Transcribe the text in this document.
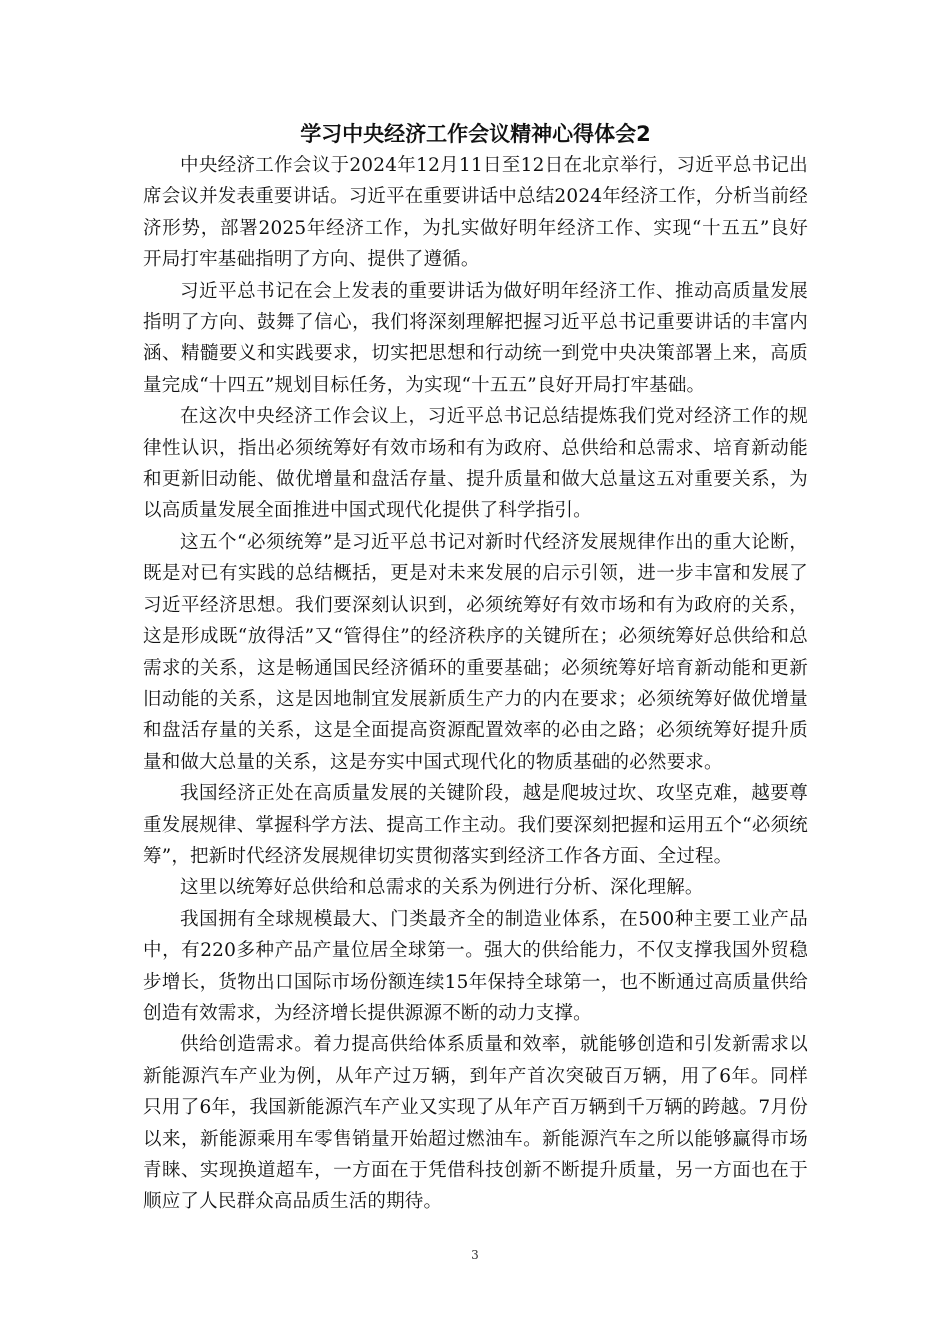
学习中央经济工作会议精神心得体会2

中央经济工作会议于2024年12月11日至12日在北京举行，习近平总书记出席会议并发表重要讲话。习近平在重要讲话中总结2024年经济工作，分析当前经济形势，部署2025年经济工作，为扎实做好明年经济工作、实现“十五五”良好开局打牢基础指明了方向、提供了遵循。

习近平总书记在会上发表的重要讲话为做好明年经济工作、推动高质量发展指明了方向、鼓舞了信心，我们将深刻理解把握习近平总书记重要讲话的丰富内涵、精髓要义和实践要求，切实把思想和行动统一到党中央决策部署上来，高质量完成“十四五”规划目标任务，为实现“十五五”良好开局打牢基础。

在这次中央经济工作会议上，习近平总书记总结提炼我们党对经济工作的规律性认识，指出必须统筹好有效市场和有为政府、总供给和总需求、培育新动能和更新旧动能、做优增量和盘活存量、提升质量和做大总量这五对重要关系，为以高质量发展全面推进中国式现代化提供了科学指引。

这五个“必须统筹”是习近平总书记对新时代经济发展规律作出的重大论断，既是对已有实践的总结概括，更是对未来发展的启示引领，进一步丰富和发展了习近平经济思想。我们要深刻认识到，必须统筹好有效市场和有为政府的关系，这是形成既“放得活”又“管得住”的经济秩序的关键所在；必须统筹好总供给和总需求的关系，这是畅通国民经济循环的重要基础；必须统筹好培育新动能和更新旧动能的关系，这是因地制宜发展新质生产力的内在要求；必须统筹好做优增量和盘活存量的关系，这是全面提高资源配置效率的必由之路；必须统筹好提升质量和做大总量的关系，这是夯实中国式现代化的物质基础的必然要求。

我国经济正处在高质量发展的关键阶段，越是爬坡过坎、攻坚克难，越要尊重发展规律、掌握科学方法、提高工作主动。我们要深刻把握和运用五个“必须统筹”，把新时代经济发展规律切实贯彻落实到经济工作各方面、全过程。

这里以统筹好总供给和总需求的关系为例进行分析、深化理解。

我国拥有全球规模最大、门类最齐全的制造业体系，在500种主要工业产品中，有220多种产品产量位居全球第一。强大的供给能力，不仅支撑我国外贸稳步增长，货物出口国际市场份额连续15年保持全球第一，也不断通过高质量供给创造有效需求，为经济增长提供源源不断的动力支撑。

供给创造需求。着力提高供给体系质量和效率，就能够创造和引发新需求以新能源汽车产业为例，从年产过万辆，到年产首次突破百万辆，用了6年。同样只用了6年，我国新能源汽车产业又实现了从年产百万辆到千万辆的跨越。7月份以来，新能源乘用车零售销量开始超过燃油车。新能源汽车之所以能够赢得市场青睐、实现换道超车，一方面在于凭借科技创新不断提升质量，另一方面也在于顺应了人民群众高品质生活的期待。

3
